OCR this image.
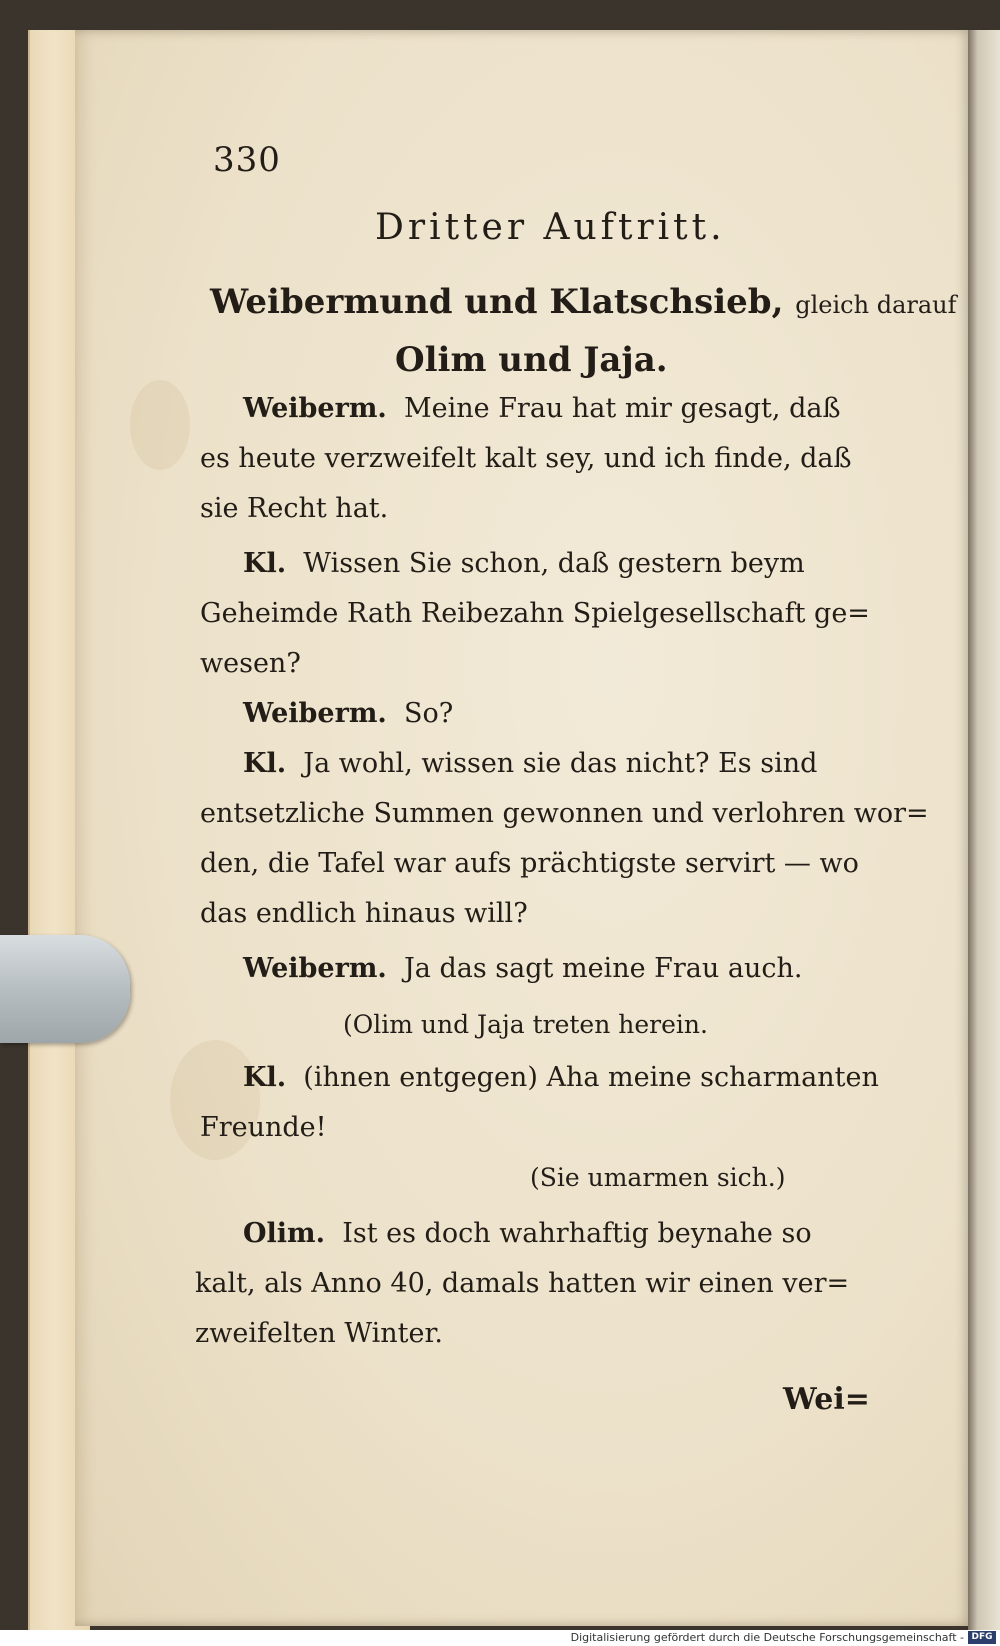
330
Dritter Auftritt.
Weibermund und Klatschsieb, gleich darauf
Olim und Jaja.
Weiberm. Meine Frau hat mir gesagt, daß
es heute verzweifelt kalt sey, und ich finde, daß
sie Recht hat.
Kl. Wissen Sie schon, daß gestern beym
Geheimde Rath Reibezahn Spielgesellschaft ge=
wesen?
Weiberm. So?
Kl. Ja wohl, wissen sie das nicht? Es sind
entsetzliche Summen gewonnen und verlohren wor=
den, die Tafel war aufs prächtigste servirt — wo
das endlich hinaus will?
Weiberm. Ja das sagt meine Frau auch.
(Olim und Jaja treten herein.
Kl. (ihnen entgegen) Aha meine scharmanten
Freunde!
(Sie umarmen sich.)
Olim. Ist es doch wahrhaftig beynahe so
kalt, als Anno 40, damals hatten wir einen ver=
zweifelten Winter.
Wei=
Digitalisierung gefördert durch die Deutsche Forschungsgemeinschaft - DFG
